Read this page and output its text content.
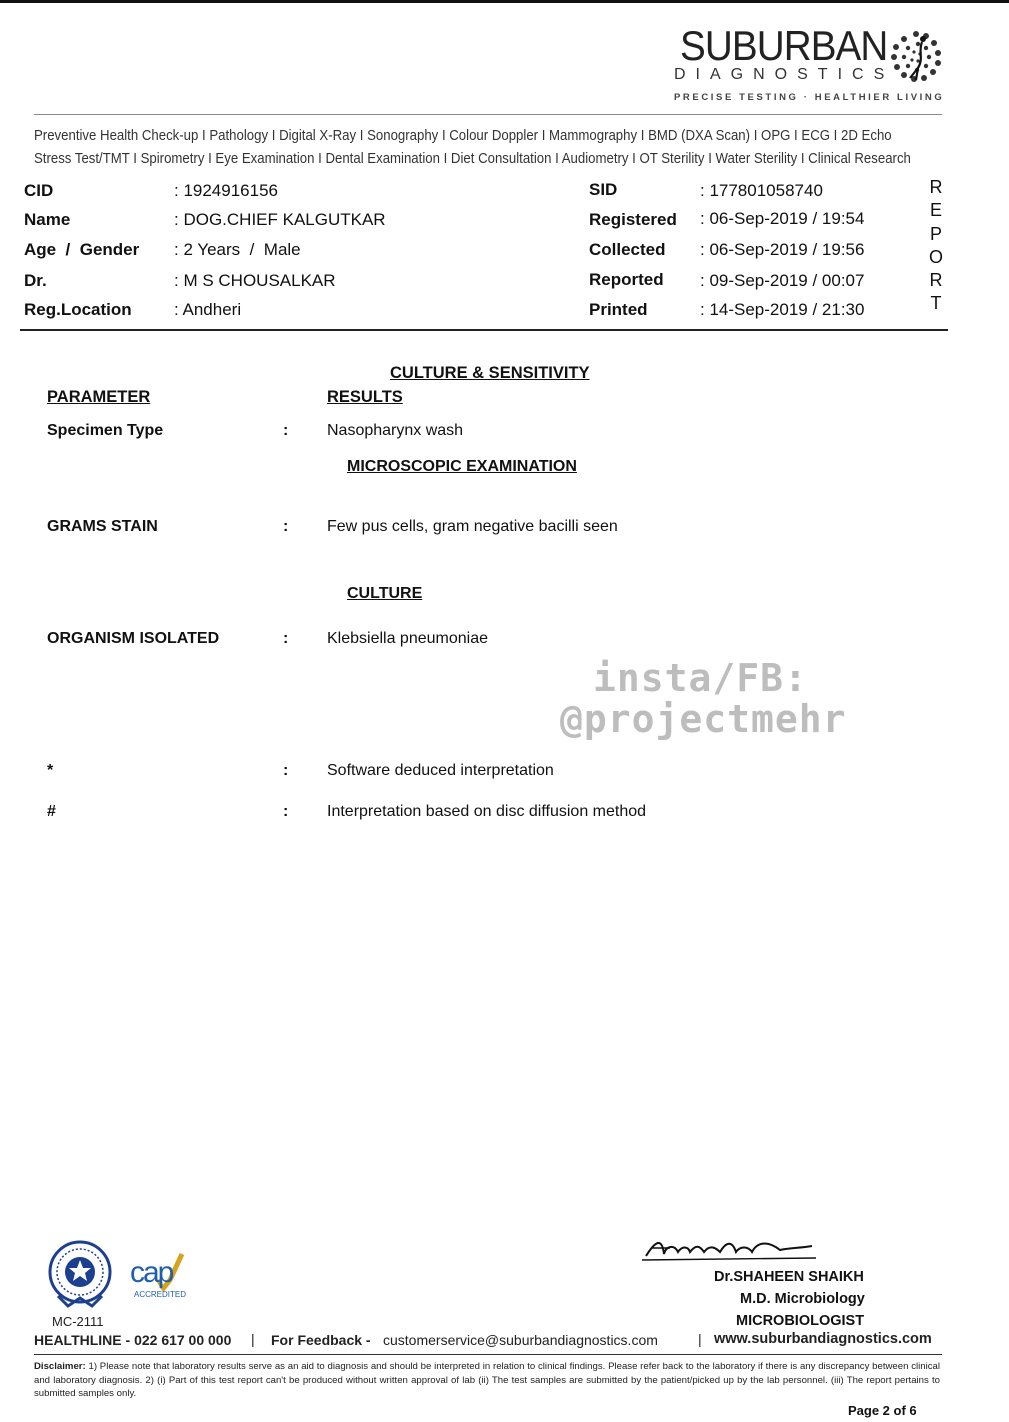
SUBURBAN
DIAGNOSTICS
PRECISE TESTING · HEALTHIER LIVING
Preventive Health Check-up I Pathology I Digital X-Ray I Sonography I Colour Doppler I Mammography I BMD (DXA Scan) I OPG I ECG I 2D Echo
Stress Test/TMT I Spirometry I Eye Examination I Dental Examination I Diet Consultation I Audiometry I OT Sterility I Water Sterility I Clinical Research
CID	: 1924916156
Name	: DOG.CHIEF KALGUTKAR
Age  /  Gender : 2 Years  /  Male
Dr.	: M S CHOUSALKAR
Reg.Location : Andheri
SID	: 177801058740
Registered : 06-Sep-2019 / 19:54
Collected : 06-Sep-2019 / 19:56
Reported : 09-Sep-2019 / 00:07
Printed	: 14-Sep-2019 / 21:30
R
E
P
O
R
T
CULTURE & SENSITIVITY
PARAMETER	RESULTS
Specimen Type	: Nasopharynx wash
MICROSCOPIC EXAMINATION
GRAMS STAIN	: Few pus cells, gram negative bacilli seen
CULTURE
ORGANISM ISOLATED	: Klebsiella pneumoniae
insta/FB:
@projectmehr
*	: Software deduced interpretation
#	: Interpretation based on disc diffusion method
cap
ACCREDITED
MC-2111
Dr.SHAHEEN SHAIKH
M.D. Microbiology
MICROBIOLOGIST
HEALTHLINE - 022 617 00 000 | For Feedback - customerservice@suburbandiagnostics.com	| www.suburbandiagnostics.com
Disclaimer: 1) Please note that laboratory results serve as an aid to diagnosis and should be interpreted in relation to clinical findings. Please refer back to the laboratory if there is any discrepancy between clinical and laboratory diagnosis. 2) (i) Part of this test report can't be produced without written approval of lab (ii) The test samples are submitted by the patient/picked up by the lab personnel. (iii) The report pertains to submitted samples only.
Page 2 of 6
